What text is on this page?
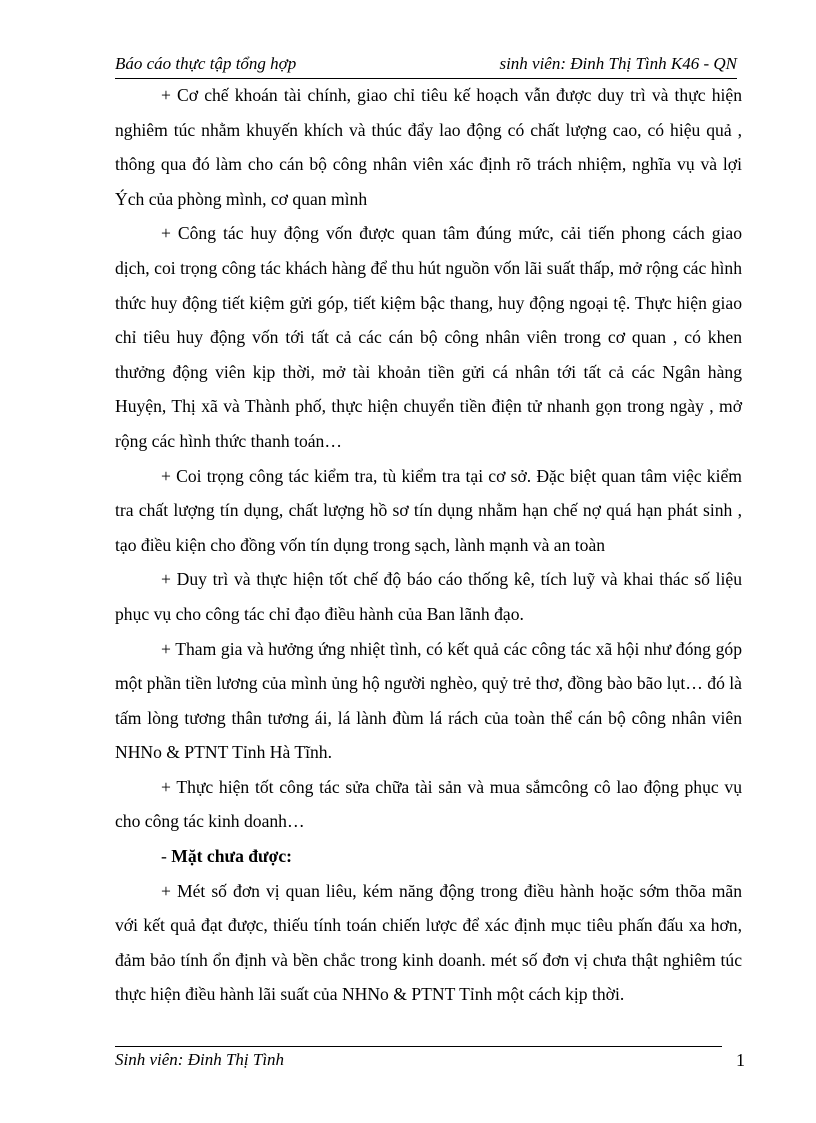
Báo cáo thực tập tổng hợp	sinh viên: Đinh Thị Tình K46 - QN

+ Cơ chế khoán tài chính, giao chỉ tiêu kế hoạch vẫn được duy trì và thực hiện nghiêm túc nhằm khuyến khích và thúc đẩy lao động có chất lượng cao, có hiệu quả , thông qua đó làm cho cán bộ công nhân viên xác định rõ trách nhiệm, nghĩa vụ và lợi Ých của phòng mình, cơ quan mình

+ Công tác huy động vốn được quan tâm đúng mức, cải tiến phong cách giao dịch, coi trọng công tác khách hàng để thu hút nguồn vốn lãi suất thấp, mở rộng các hình thức huy động tiết kiệm gửi góp, tiết kiệm bậc thang, huy động ngoại tệ. Thực hiện giao chỉ tiêu huy động vốn tới tất cả các cán bộ công nhân viên trong cơ quan , có khen thưởng động viên kịp thời, mở tài khoản tiền gửi cá nhân tới tất cả các Ngân hàng Huyện, Thị xã và Thành phố, thực hiện chuyển tiền điện tử nhanh gọn trong ngày , mở rộng các hình thức thanh toán…

+ Coi trọng công tác kiểm tra, tù kiểm tra tại cơ sở. Đặc biệt quan tâm việc kiểm tra chất lượng tín dụng, chất lượng hồ sơ tín dụng nhằm hạn chế nợ quá hạn phát sinh , tạo điều kiện cho đồng vốn tín dụng trong sạch, lành mạnh và an toàn

+ Duy trì và thực hiện tốt chế độ báo cáo thống kê, tích luỹ và khai thác số liệu phục vụ cho công tác chỉ đạo điều hành của Ban lãnh đạo.

+ Tham gia và hưởng ứng nhiệt tình, có kết quả các công tác xã hội như đóng góp một phần tiền lương của mình ủng hộ người nghèo, quỷ trẻ thơ, đồng bào bão lụt… đó là tấm lòng tương thân tương ái, lá lành đùm lá rách của toàn thể cán bộ công nhân viên NHNo & PTNT Tỉnh Hà Tĩnh.

+ Thực hiện tốt công tác sửa chữa tài sản và mua sắmcông cô lao động phục vụ cho công tác kinh doanh…

- Mặt chưa được:

+ Mét số đơn vị quan liêu, kém năng động trong điều hành hoặc sớm thõa mãn với kết quả đạt được, thiếu tính toán chiến lược để xác định mục tiêu phấn đấu xa hơn, đảm bảo tính ổn định và bền chắc trong kinh doanh. mét số đơn vị chưa thật nghiêm túc thực hiện điều hành lãi suất của NHNo & PTNT Tỉnh một cách kịp thời.

Sinh viên: Đinh Thị Tình	1
